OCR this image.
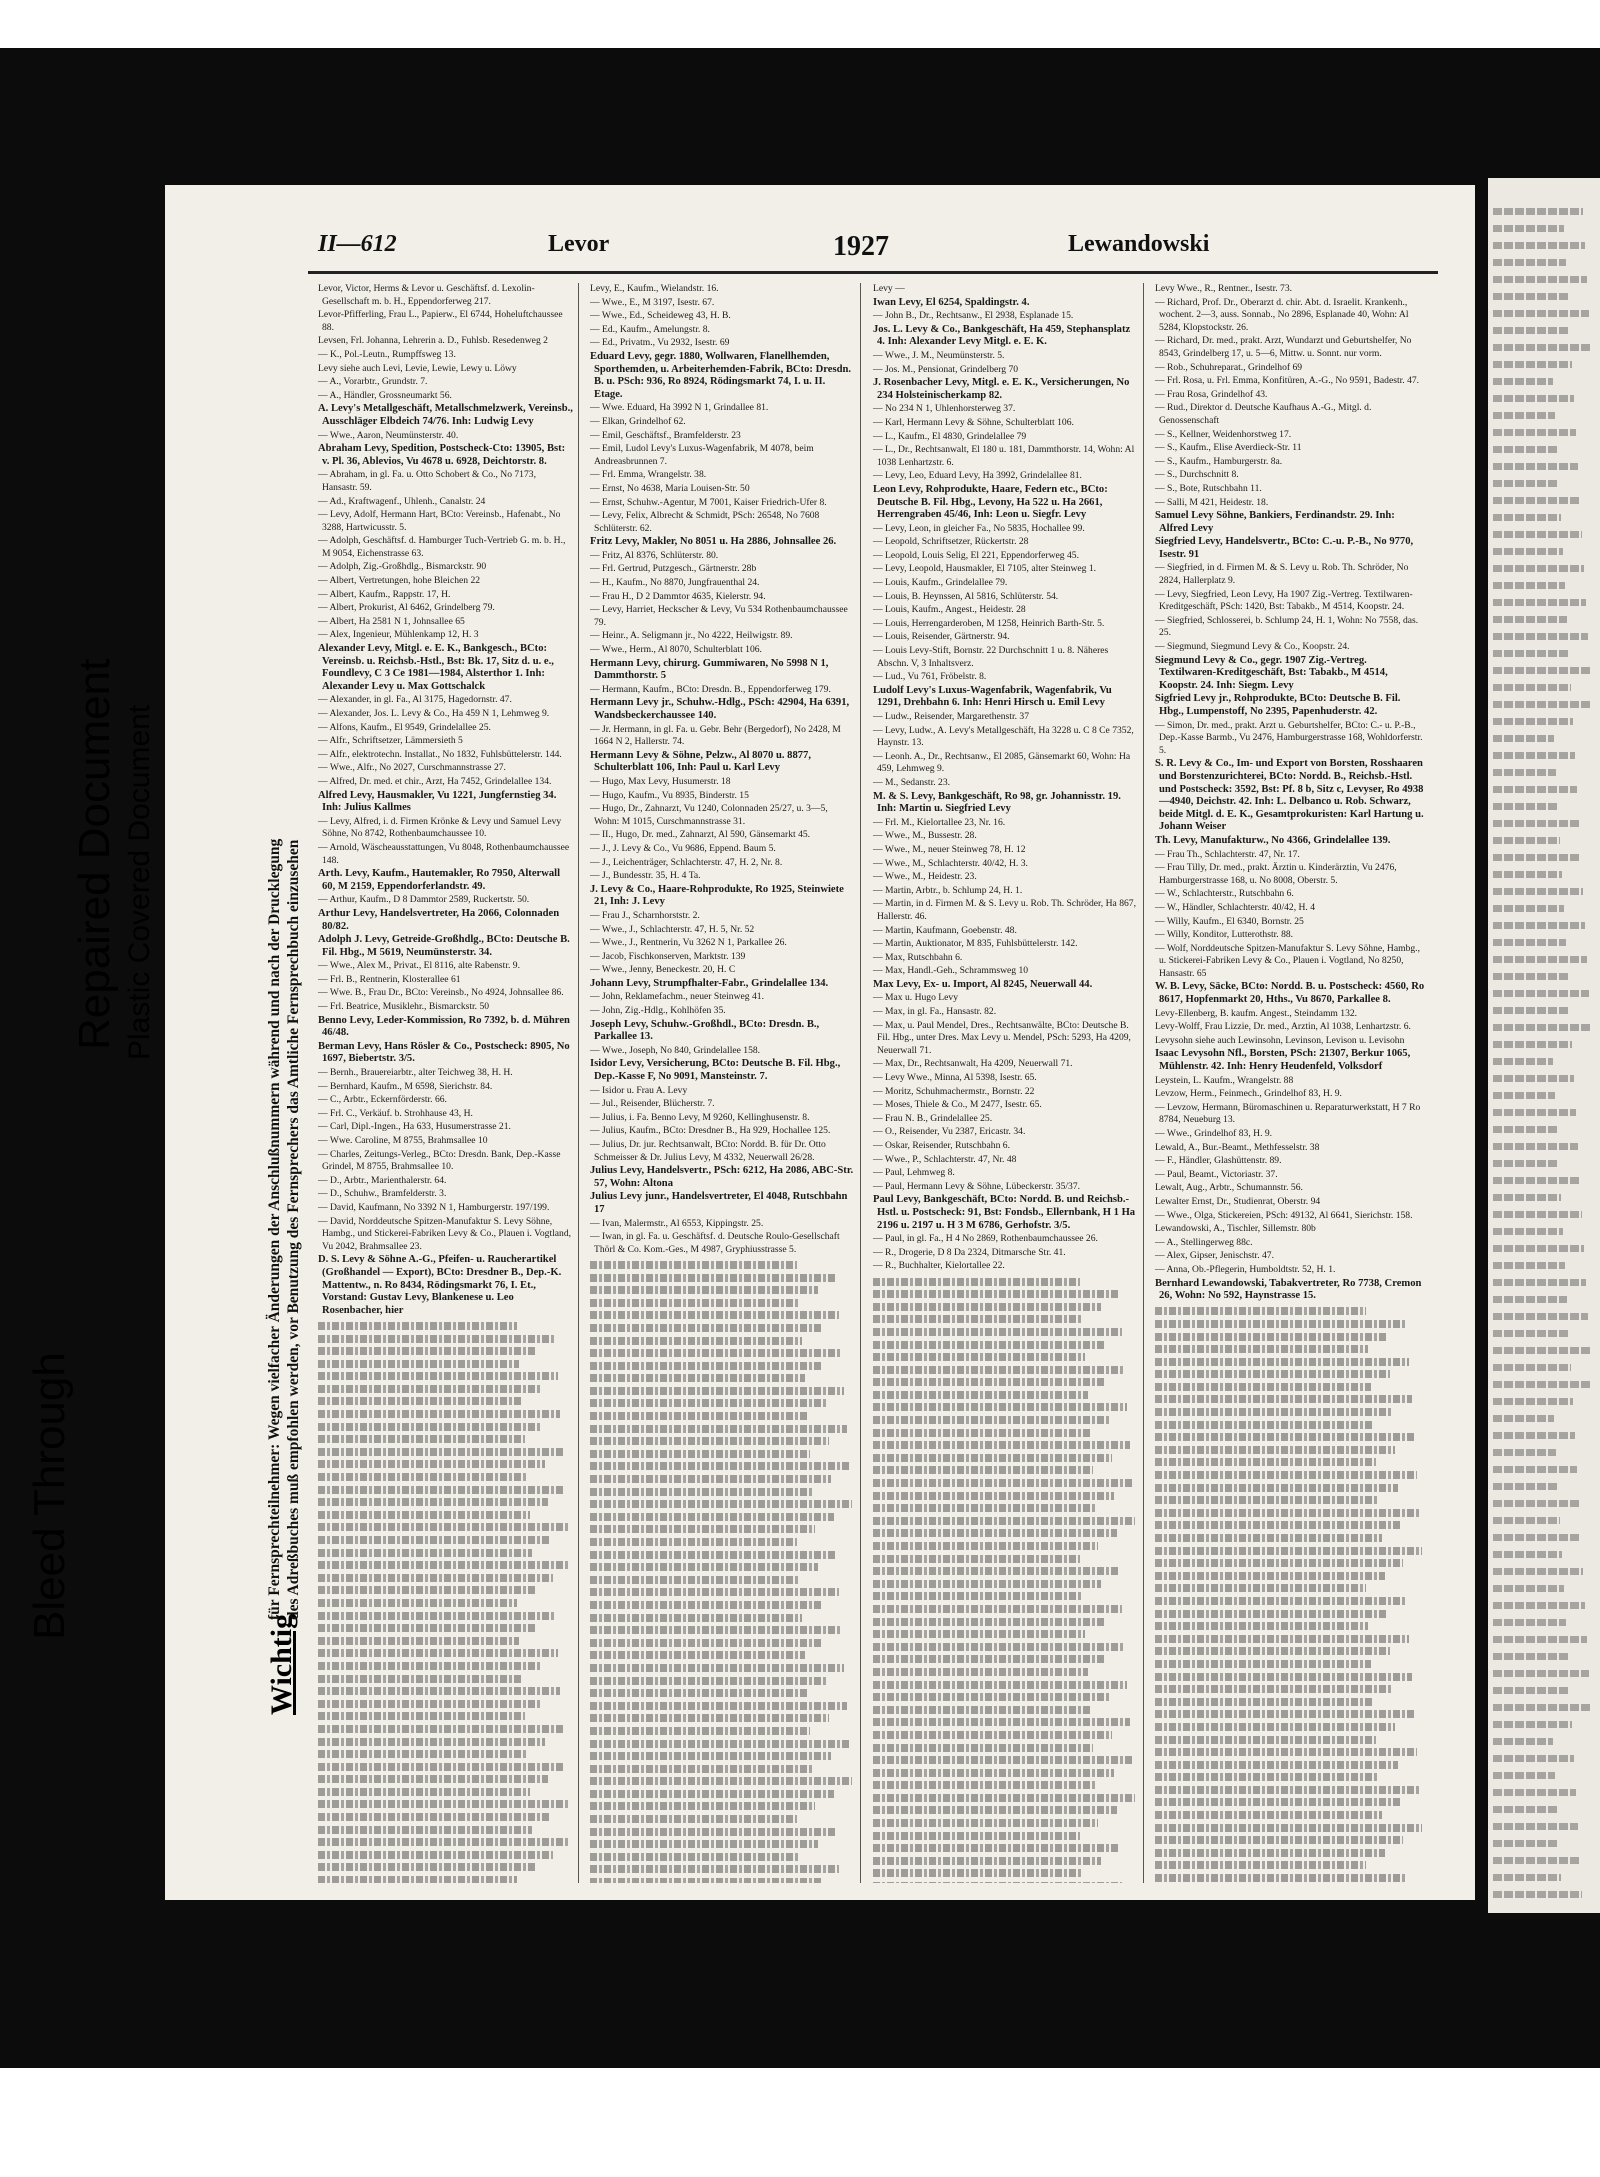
Bleed Through
Repaired Document Plastic Covered Document
II—612	Levor	1927	Lewandowski
Wichtig
für Fernsprechteilnehmer: Wegen vielfacher Änderungen der Anschlußnummern während und nach der Drucklegung des Adreßbuches muß empfohlen werden, vor Benutzung des Fernsprechers das Amtliche Fernsprechbuch einzusehen
Levor, Victor, Herms & Levor u. Geschäftsf. d. Lexolin-Gesellschaft m. b. H., Eppendorferweg 217.
Levor-Pfifferling, Frau L., Papierw., El 6744, Hoheluftchaussee 88.
Levsen, Frl. Johanna, Lehrerin a. D., Fuhlsb. Resedenweg 2
— K., Pol.-Leutn., Rumpffsweg 13.
Levy siehe auch Levi, Levie, Lewie, Lewy u. Löwy
— A., Vorarbtr., Grundstr. 7.
— A., Händler, Grossneumarkt 56.
A. Levy's Metallgeschäft, Metallschmelzwerk, Vereinsb., Ausschläger Elbdeich 74/76. Inh: Ludwig Levy
— Wwe., Aaron, Neumünsterstr. 40.
Abraham Levy, Spedition, Postscheck-Cto: 13905, Bst: v. Pl. 36, Ablevios, Vu 4678 u. 6928, Deichtorstr. 8.
— Abraham, in gl. Fa. u. Otto Schobert & Co., No 7173, Hansastr. 59.
— Ad., Kraftwagenf., Uhlenh., Canalstr. 24
— Levy, Adolf, Hermann Hart, BCto: Vereinsb., Hafenabt., No 3288, Hartwicusstr. 5.
— Adolph, Geschäftsf. d. Hamburger Tuch-Vertrieb G. m. b. H., M 9054, Eichenstrasse 63.
— Adolph, Zig.-Großhdlg., Bismarckstr. 90
— Albert, Vertretungen, hohe Bleichen 22
— Albert, Kaufm., Rappstr. 17, H.
— Albert, Prokurist, Al 6462, Grindelberg 79.
— Albert, Ha 2581 N 1, Johnsallee 65
— Alex, Ingenieur, Mühlenkamp 12, H. 3
Alexander Levy, Mitgl. e. E. K., Bankgesch., BCto: Vereinsb. u. Reichsb.-Hstl., Bst: Bk. 17, Sitz d. u. e., Foundlevy, C 3 Ce 1981—1984, Alsterthor 1. Inh: Alexander Levy u. Max Gottschalck
— Alexander, in gl. Fa., Al 3175, Hagedornstr. 47.
— Alexander, Jos. L. Levy & Co., Ha 459 N 1, Lehmweg 9.
— Alfons, Kaufm., El 9549, Grindelallee 25.
— Alfr., Schriftsetzer, Lämmersieth 5
— Alfr., elektrotechn. Installat., No 1832, Fuhlsbüttelerstr. 144.
— Wwe., Alfr., No 2027, Curschmannstrasse 27.
— Alfred, Dr. med. et chir., Arzt, Ha 7452, Grindelallee 134.
Alfred Levy, Hausmakler, Vu 1221, Jungfernstieg 34. Inh: Julius Kallmes
— Levy, Alfred, i. d. Firmen Krönke & Levy und Samuel Levy Söhne, No 8742, Rothenbaumchaussee 10.
— Arnold, Wäscheausstattungen, Vu 8048, Rothenbaumchaussee 148.
Arth. Levy, Kaufm., Hautemakler, Ro 7950, Alterwall 60, M 2159, Eppendorferlandstr. 49.
— Arthur, Kaufm., D 8 Dammtor 2589, Ruckertstr. 50.
Arthur Levy, Handelsvertreter, Ha 2066, Colonnaden 80/82.
Adolph J. Levy, Getreide-Großhdlg., BCto: Deutsche B. Fil. Hbg., M 5619, Neumünsterstr. 34.
— Wwe., Alex M., Privat., El 8116, alte Rabenstr. 9.
— Frl. B., Rentnerin, Klosterallee 61
— Wwe. B., Frau Dr., BCto: Vereinsb., No 4924, Johnsallee 86.
— Frl. Beatrice, Musiklehr., Bismarckstr. 50
Benno Levy, Leder-Kommission, Ro 7392, b. d. Mühren 46/48.
Berman Levy, Hans Rösler & Co., Postscheck: 8905, No 1697, Biebertstr. 3/5.
— Bernh., Brauereiarbtr., alter Teichweg 38, H. H.
— Bernhard, Kaufm., M 6598, Sierichstr. 84.
— C., Arbtr., Eckernförderstr. 66.
— Frl. C., Verkäuf. b. Strohhause 43, H.
— Carl, Dipl.-Ingen., Ha 633, Husumerstrasse 21.
— Wwe. Caroline, M 8755, Brahmsallee 10
— Charles, Zeitungs-Verleg., BCto: Dresdn. Bank, Dep.-Kasse Grindel, M 8755, Brahmsallee 10.
— D., Arbtr., Marienthalerstr. 64.
— D., Schuhw., Bramfelderstr. 3.
— David, Kaufmann, No 3392 N 1, Hamburgerstr. 197/199.
— David, Norddeutsche Spitzen-Manufaktur S. Levy Söhne, Hambg., und Stickerei-Fabriken Levy & Co., Plauen i. Vogtland, Vu 2042, Brahmsallee 23.
D. S. Levy & Söhne A.-G., Pfeifen- u. Raucherartikel (Großhandel — Export), BCto: Dresdner B., Dep.-K. Mattentw., n. Ro 8434, Rödingsmarkt 76, I. Et., Vorstand: Gustav Levy, Blankenese u. Leo Rosenbacher, hier
Levy, E., Kaufm., Wielandstr. 16.
— Wwe., E., M 3197, Isestr. 67.
— Wwe., Ed., Scheideweg 43, H. B.
— Ed., Kaufm., Amelungstr. 8.
— Ed., Privatm., Vu 2932, Isestr. 69
Eduard Levy, gegr. 1880, Wollwaren, Flanellhemden, Sporthemden, u. Arbeiterhemden-Fabrik, BCto: Dresdn. B. u. PSch: 936, Ro 8924, Rödingsmarkt 74, I. u. II. Etage.
— Wwe. Eduard, Ha 3992 N 1, Grindallee 81.
— Elkan, Grindelhof 62.
— Emil, Geschäftsf., Bramfelderstr. 23
— Emil, Ludol Levy's Luxus-Wagenfabrik, M 4078, beim Andreasbrunnen 7.
— Frl. Emma, Wrangelstr. 38.
— Ernst, No 4638, Maria Louisen-Str. 50
— Ernst, Schuhw.-Agentur, M 7001, Kaiser Friedrich-Ufer 8.
— Levy, Felix, Albrecht & Schmidt, PSch: 26548, No 7608 Schlüterstr. 62.
Fritz Levy, Makler, No 8051 u. Ha 2886, Johnsallee 26.
— Fritz, Al 8376, Schlüterstr. 80.
— Frl. Gertrud, Putzgesch., Gärtnerstr. 28b
— H., Kaufm., No 8870, Jungfrauenthal 24.
— Frau H., D 2 Dammtor 4635, Kielerstr. 94.
— Levy, Harriet, Heckscher & Levy, Vu 534 Rothenbaumchaussee 79.
— Heinr., A. Seligmann jr., No 4222, Heilwigstr. 89.
— Wwe., Herm., Al 8070, Schulterblatt 106.
Hermann Levy, chirurg. Gummiwaren, No 5998 N 1, Dammthorstr. 5
— Hermann, Kaufm., BCto: Dresdn. B., Eppendorferweg 179.
Hermann Levy jr., Schuhw.-Hdlg., PSch: 42904, Ha 6391, Wandsbeckerchaussee 140.
— Jr. Hermann, in gl. Fa. u. Gebr. Behr (Bergedorf), No 2428, M 1664 N 2, Hallerstr. 74.
Hermann Levy & Söhne, Pelzw., Al 8070 u. 8877, Schulterblatt 106, Inh: Paul u. Karl Levy
— Hugo, Max Levy, Husumerstr. 18
— Hugo, Kaufm., Vu 8935, Binderstr. 15
— Hugo, Dr., Zahnarzt, Vu 1240, Colonnaden 25/27, u. 3—5, Wohn: M 1015, Curschmannstrasse 31.
— II., Hugo, Dr. med., Zahnarzt, Al 590, Gänsemarkt 45.
— J., J. Levy & Co., Vu 9686, Eppend. Baum 5.
— J., Leichenträger, Schlachterstr. 47, H. 2, Nr. 8.
— J., Bundesstr. 35, H. 4 Ta.
J. Levy & Co., Haare-Rohprodukte, Ro 1925, Steinwiete 21, Inh: J. Levy
— Frau J., Scharnhorststr. 2.
— Wwe., J., Schlachterstr. 47, H. 5, Nr. 52
— Wwe., J., Rentnerin, Vu 3262 N 1, Parkallee 26.
— Jacob, Fischkonserven, Marktstr. 139
— Wwe., Jenny, Beneckestr. 20, H. C
Johann Levy, Strumpfhalter-Fabr., Grindelallee 134.
— John, Reklamefachm., neuer Steinweg 41.
— John, Zig.-Hdlg., Kohlhöfen 35.
Joseph Levy, Schuhw.-Großhdl., BCto: Dresdn. B., Parkallee 13.
— Wwe., Joseph, No 840, Grindelallee 158.
Isidor Levy, Versicherung, BCto: Deutsche B. Fil. Hbg., Dep.-Kasse F, No 9091, Mansteinstr. 7.
— Isidor u. Frau A. Levy
— Jul., Reisender, Blücherstr. 7.
— Julius, i. Fa. Benno Levy, M 9260, Kellinghusenstr. 8.
— Julius, Kaufm., BCto: Dresdner B., Ha 929, Hochallee 125.
— Julius, Dr. jur. Rechtsanwalt, BCto: Nordd. B. für Dr. Otto Schmeisser & Dr. Julius Levy, M 4332, Neuerwall 26/28.
Julius Levy, Handelsvertr., PSch: 6212, Ha 2086, ABC-Str. 57, Wohn: Altona
Julius Levy junr., Handelsvertreter, El 4048, Rutschbahn 17
— Ivan, Malermstr., Al 6553, Kippingstr. 25.
— Iwan, in gl. Fa. u. Geschäftsf. d. Deutsche Roulo-Gesellschaft Thörl & Co. Kom.-Ges., M 4987, Gryphiusstrasse 5.
Levy —
Iwan Levy, El 6254, Spaldingstr. 4.
— John B., Dr., Rechtsanw., El 2938, Esplanade 15.
Jos. L. Levy & Co., Bankgeschäft, Ha 459, Stephansplatz 4. Inh: Alexander Levy Mitgl. e. E. K.
— Wwe., J. M., Neumünsterstr. 5.
— Jos. M., Pensionat, Grindelberg 70
J. Rosenbacher Levy, Mitgl. e. E. K., Versicherungen, No 234 Holsteinischerkamp 82.
— No 234 N 1, Uhlenhorsterweg 37.
— Karl, Hermann Levy & Söhne, Schulterblatt 106.
— L., Kaufm., El 4830, Grindelallee 79
— L., Dr., Rechtsanwalt, El 180 u. 181, Dammthorstr. 14, Wohn: Al 1038 Lenhartzstr. 6.
— Levy, Leo, Eduard Levy, Ha 3992, Grindelallee 81.
Leon Levy, Rohprodukte, Haare, Federn etc., BCto: Deutsche B. Fil. Hbg., Levony, Ha 522 u. Ha 2661, Herrengraben 45/46, Inh: Leon u. Siegfr. Levy
— Levy, Leon, in gleicher Fa., No 5835, Hochallee 99.
— Leopold, Schriftsetzer, Rückertstr. 28
— Leopold, Louis Selig, El 221, Eppendorferweg 45.
— Levy, Leopold, Hausmakler, El 7105, alter Steinweg 1.
— Louis, Kaufm., Grindelallee 79.
— Louis, B. Heynssen, Al 5816, Schlüterstr. 54.
— Louis, Kaufm., Angest., Heidestr. 28
— Louis, Herrengarderoben, M 1258, Heinrich Barth-Str. 5.
— Louis, Reisender, Gärtnerstr. 94.
— Louis Levy-Stift, Bornstr. 22 Durchschnitt 1 u. 8. Näheres Abschn. V, 3 Inhaltsverz.
— Lud., Vu 761, Fröbelstr. 8.
Ludolf Levy's Luxus-Wagenfabrik, Wagenfabrik, Vu 1291, Drehbahn 6. Inh: Henri Hirsch u. Emil Levy
— Ludw., Reisender, Margarethenstr. 37
— Levy, Ludw., A. Levy's Metallgeschäft, Ha 3228 u. C 8 Ce 7352, Haynstr. 13.
— Leonh. A., Dr., Rechtsanw., El 2085, Gänsemarkt 60, Wohn: Ha 459, Lehmweg 9.
— M., Sedanstr. 23.
M. & S. Levy, Bankgeschäft, Ro 98, gr. Johannisstr. 19. Inh: Martin u. Siegfried Levy
— Frl. M., Kielortallee 23, Nr. 16.
— Wwe., M., Bussestr. 28.
— Wwe., M., neuer Steinweg 78, H. 12
— Wwe., M., Schlachterstr. 40/42, H. 3.
— Wwe., M., Heidestr. 23.
— Martin, Arbtr., b. Schlump 24, H. 1.
— Martin, in d. Firmen M. & S. Levy u. Rob. Th. Schröder, Ha 867, Hallerstr. 46.
— Martin, Kaufmann, Goebenstr. 48.
— Martin, Auktionator, M 835, Fuhlsbüttelerstr. 142.
— Max, Rutschbahn 6.
— Max, Handl.-Geh., Schrammsweg 10
Max Levy, Ex- u. Import, Al 8245, Neuerwall 44.
— Max u. Hugo Levy
— Max, in gl. Fa., Hansastr. 82.
— Max, u. Paul Mendel, Dres., Rechtsanwälte, BCto: Deutsche B. Fil. Hbg., unter Dres. Max Levy u. Mendel, PSch: 5293, Ha 4209, Neuerwall 71.
— Max, Dr., Rechtsanwalt, Ha 4209, Neuerwall 71.
— Levy Wwe., Minna, Al 5398, Isestr. 65.
— Moritz, Schuhmachermstr., Bornstr. 22
— Moses, Thiele & Co., M 2477, Isestr. 65.
— Frau N. B., Grindelallee 25.
— O., Reisender, Vu 2387, Ericastr. 34.
— Oskar, Reisender, Rutschbahn 6.
— Wwe., P., Schlachterstr. 47, Nr. 48
— Paul, Lehmweg 8.
— Paul, Hermann Levy & Söhne, Lübeckerstr. 35/37.
Paul Levy, Bankgeschäft, BCto: Nordd. B. und Reichsb.-Hstl. u. Postscheck: 91, Bst: Fondsb., Ellernbank, H 1 Ha 2196 u. 2197 u. H 3 M 6786, Gerhofstr. 3/5.
— Paul, in gl. Fa., H 4 No 2869, Rothenbaumchaussee 26.
— R., Drogerie, D 8 Da 2324, Ditmarsche Str. 41.
— R., Buchhalter, Kielortallee 22.
Levy Wwe., R., Rentner., Isestr. 73.
— Richard, Prof. Dr., Oberarzt d. chir. Abt. d. Israelit. Krankenh., wochent. 2—3, auss. Sonnab., No 2896, Esplanade 40, Wohn: Al 5284, Klopstockstr. 26.
— Richard, Dr. med., prakt. Arzt, Wundarzt und Geburtshelfer, No 8543, Grindelberg 17, u. 5—6, Mittw. u. Sonnt. nur vorm.
— Rob., Schuhreparat., Grindelhof 69
— Frl. Rosa, u. Frl. Emma, Konfitüren, A.-G., No 9591, Badestr. 47.
— Frau Rosa, Grindelhof 43.
— Rud., Direktor d. Deutsche Kaufhaus A.-G., Mitgl. d. Genossenschaft
— S., Kellner, Weidenhorstweg 17.
— S., Kaufm., Elise Averdieck-Str. 11
— S., Kaufm., Hamburgerstr. 8a.
— S., Durchschnitt 8.
— S., Bote, Rutschbahn 11.
— Salli, M 421, Heidestr. 18.
Samuel Levy Söhne, Bankiers, Ferdinandstr. 29. Inh: Alfred Levy
Siegfried Levy, Handelsvertr., BCto: C.-u. P.-B., No 9770, Isestr. 91
— Siegfried, in d. Firmen M. & S. Levy u. Rob. Th. Schröder, No 2824, Hallerplatz 9.
— Levy, Siegfried, Leon Levy, Ha 1907 Zig.-Vertreg. Textilwaren-Kreditgeschäft, PSch: 1420, Bst: Tabakb., M 4514, Koopstr. 24.
— Siegfried, Schlosserei, b. Schlump 24, H. 1, Wohn: No 7558, das. 25.
— Siegmund, Siegmund Levy & Co., Koopstr. 24.
Siegmund Levy & Co., gegr. 1907 Zig.-Vertreg. Textilwaren-Kreditgeschäft, Bst: Tabakb., M 4514, Koopstr. 24. Inh: Siegm. Levy
Sigfried Levy jr., Rohprodukte, BCto: Deutsche B. Fil. Hbg., Lumpenstoff, No 2395, Papenhuderstr. 42.
— Simon, Dr. med., prakt. Arzt u. Geburtshelfer, BCto: C.- u. P.-B., Dep.-Kasse Barmb., Vu 2476, Hamburgerstrasse 168, Wohldorferstr. 5.
S. R. Levy & Co., Im- und Export von Borsten, Rosshaaren und Borstenzurichterei, BCto: Nordd. B., Reichsb.-Hstl. und Postscheck: 3592, Bst: Pf. 8 b, Sitz c, Levyser, Ro 4938—4940, Deichstr. 42. Inh: L. Delbanco u. Rob. Schwarz, beide Mitgl. d. E. K., Gesamtprokuristen: Karl Hartung u. Johann Weiser
Th. Levy, Manufakturw., No 4366, Grindelallee 139.
— Frau Th., Schlachterstr. 47, Nr. 17.
— Frau Tilly, Dr. med., prakt. Ärztin u. Kinderärztin, Vu 2476, Hamburgerstrasse 168, u. No 8008, Oberstr. 5.
— W., Schlachterstr., Rutschbahn 6.
— W., Händler, Schlachterstr. 40/42, H. 4
— Willy, Kaufm., El 6340, Bornstr. 25
— Willy, Konditor, Lutterothstr. 88.
— Wolf, Norddeutsche Spitzen-Manufaktur S. Levy Söhne, Hambg., u. Stickerei-Fabriken Levy & Co., Plauen i. Vogtland, No 8250, Hansastr. 65
W. B. Levy, Säcke, BCto: Nordd. B. u. Postscheck: 4560, Ro 8617, Hopfenmarkt 20, Hths., Vu 8670, Parkallee 8.
Levy-Ellenberg, B. kaufm. Angest., Steindamm 132.
Levy-Wolff, Frau Lizzie, Dr. med., Arztin, Al 1038, Lenhartzstr. 6.
Levysohn siehe auch Lewinsohn, Levinson, Levison u. Levisohn
Isaac Levysohn Nfl., Borsten, PSch: 21307, Berkur 1065, Mühlenstr. 42. Inh: Henry Heudenfeld, Volksdorf
Leystein, L. Kaufm., Wrangelstr. 88
Levzow, Herm., Feinmech., Grindelhof 83, H. 9.
— Levzow, Hermann, Büromaschinen u. Reparaturwerkstatt, H 7 Ro 8784, Neueburg 13.
— Wwe., Grindelhof 83, H. 9.
Lewald, A., Bur.-Beamt., Methfesselstr. 38
— F., Händler, Glashüttenstr. 89.
— Paul, Beamt., Victoriastr. 37.
Lewalt, Aug., Arbtr., Schumannstr. 56.
Lewalter Ernst, Dr., Studienrat, Oberstr. 94
— Wwe., Olga, Stickereien, PSch: 49132, Al 6641, Sierichstr. 158.
Lewandowski, A., Tischler, Sillemstr. 80b
— A., Stellingerweg 88c.
— Alex, Gipser, Jenischstr. 47.
— Anna, Ob.-Pflegerin, Humboldtstr. 52, H. 1.
Bernhard Lewandowski, Tabakvertreter, Ro 7738, Cremon 26, Wohn: No 592, Haynstrasse 15.
